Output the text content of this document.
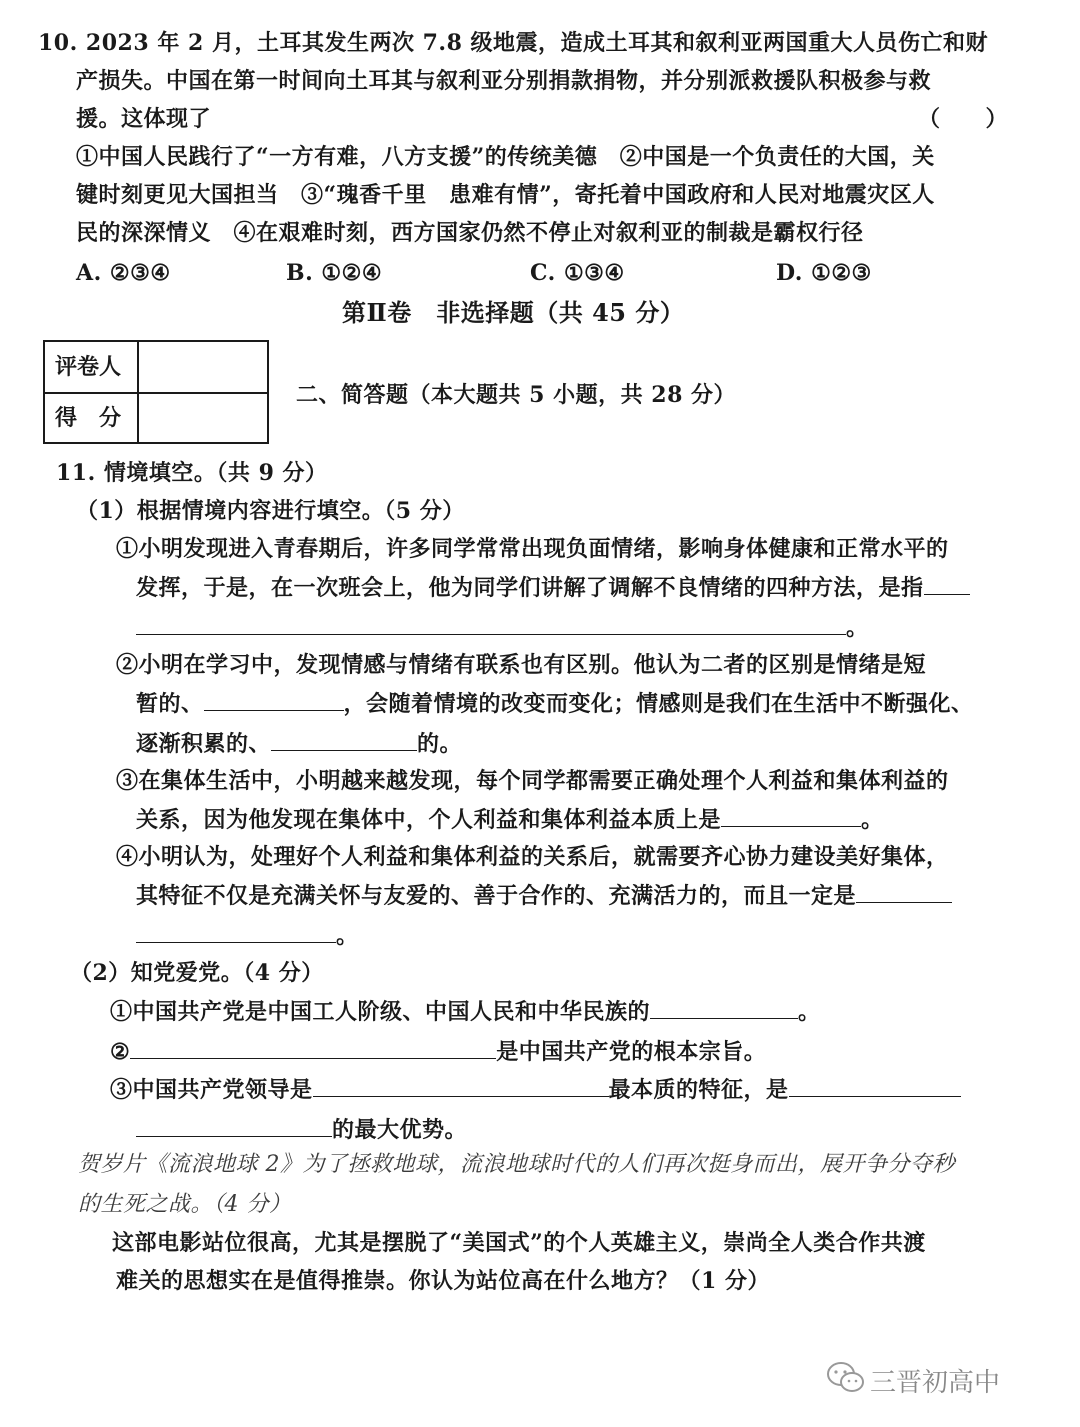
10. 2023 年 2 月，土耳其发生两次 7.8 级地震，造成土耳其和叙利亚两国重大人员伤亡和财
产损失。中国在第一时间向土耳其与叙利亚分别捐款捐物，并分别派救援队积极参与救
援。这体现了	（　　）
①中国人民践行了“一方有难，八方支援”的传统美德　②中国是一个负责任的大国，关
键时刻更见大国担当　③“瑰香千里　患难有情”，寄托着中国政府和人民对地震灾区人
民的深深情义　④在艰难时刻，西方国家仍然不停止对叙利亚的制裁是霸权行径
A. ②③④	B. ①②④	C. ①③④	D. ①②③
第Ⅱ卷　非选择题（共 45 分）
评卷人
得　分
二、简答题（本大题共 5 小题，共 28 分）
11. 情境填空。（共 9 分）
（1）根据情境内容进行填空。（5 分）
①小明发现进入青春期后，许多同学常常出现负面情绪，影响身体健康和正常水平的
发挥，于是，在一次班会上，他为同学们讲解了调解不良情绪的四种方法，是指
。
②小明在学习中，发现情感与情绪有联系也有区别。他认为二者的区别是情绪是短
暂的、	，会随着情境的改变而变化；情感则是我们在生活中不断强化、
逐渐积累的、	的。
③在集体生活中，小明越来越发现，每个同学都需要正确处理个人利益和集体利益的
关系，因为他发现在集体中，个人利益和集体利益本质上是	。
④小明认为，处理好个人利益和集体利益的关系后，就需要齐心协力建设美好集体，
其特征不仅是充满关怀与友爱的、善于合作的、充满活力的，而且一定是
。
（2）知党爱党。（4 分）
①中国共产党是中国工人阶级、中国人民和中华民族的	。
②	是中国共产党的根本宗旨。
③中国共产党领导是	最本质的特征，是
的最大优势。
贺岁片《流浪地球 2》为了拯救地球，流浪地球时代的人们再次挺身而出，展开争分夺秒
的生死之战。（4 分）
这部电影站位很高，尤其是摆脱了“美国式”的个人英雄主义，崇尚全人类合作共渡
难关的思想实在是值得推崇。你认为站位高在什么地方？（1 分）
三晋初高中
